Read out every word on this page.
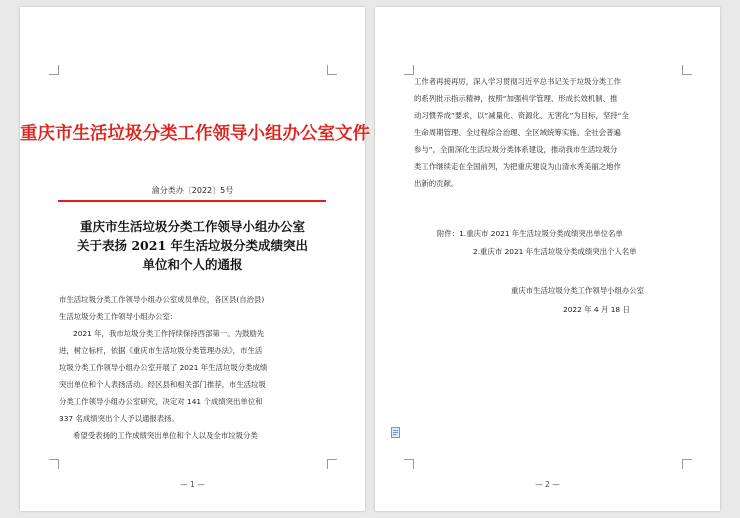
重庆市生活垃圾分类工作领导小组办公室文件
渝分类办〔2022〕5号
重庆市生活垃圾分类工作领导小组办公室
关于表扬 2021 年生活垃圾分类成绩突出
单位和个人的通报
市生活垃圾分类工作领导小组办公室成员单位，各区县(自治县)
生活垃圾分类工作领导小组办公室：
2021 年，我市垃圾分类工作持续保持西部第一。为鼓励先
进，树立标杆，依据《重庆市生活垃圾分类管理办法》，市生活
垃圾分类工作领导小组办公室开展了 2021 年生活垃圾分类成绩
突出单位和个人表扬活动。经区县和相关部门推荐，市生活垃圾
分类工作领导小组办公室研究，决定对 141 个成绩突出单位和
337 名成绩突出个人予以通报表扬。
希望受表扬的工作成绩突出单位和个人以及全市垃圾分类
— 1 —
工作者再接再厉，深入学习贯彻习近平总书记关于垃圾分类工作
的系列批示指示精神，按照“加强科学管理、形成长效机制、推
动习惯养成”要求，以“减量化、资源化、无害化”为目标，坚持“全
生命周期管理、全过程综合治理、全区域统筹实施、全社会普遍
参与”，全面深化生活垃圾分类体系建设，推动我市生活垃圾分
类工作继续走在全国前列，为把重庆建设为山清水秀美丽之地作
出新的贡献。
附件：1.重庆市 2021 年生活垃圾分类成绩突出单位名单
2.重庆市 2021 年生活垃圾分类成绩突出个人名单
重庆市生活垃圾分类工作领导小组办公室
2022 年 4 月 18 日
— 2 —
